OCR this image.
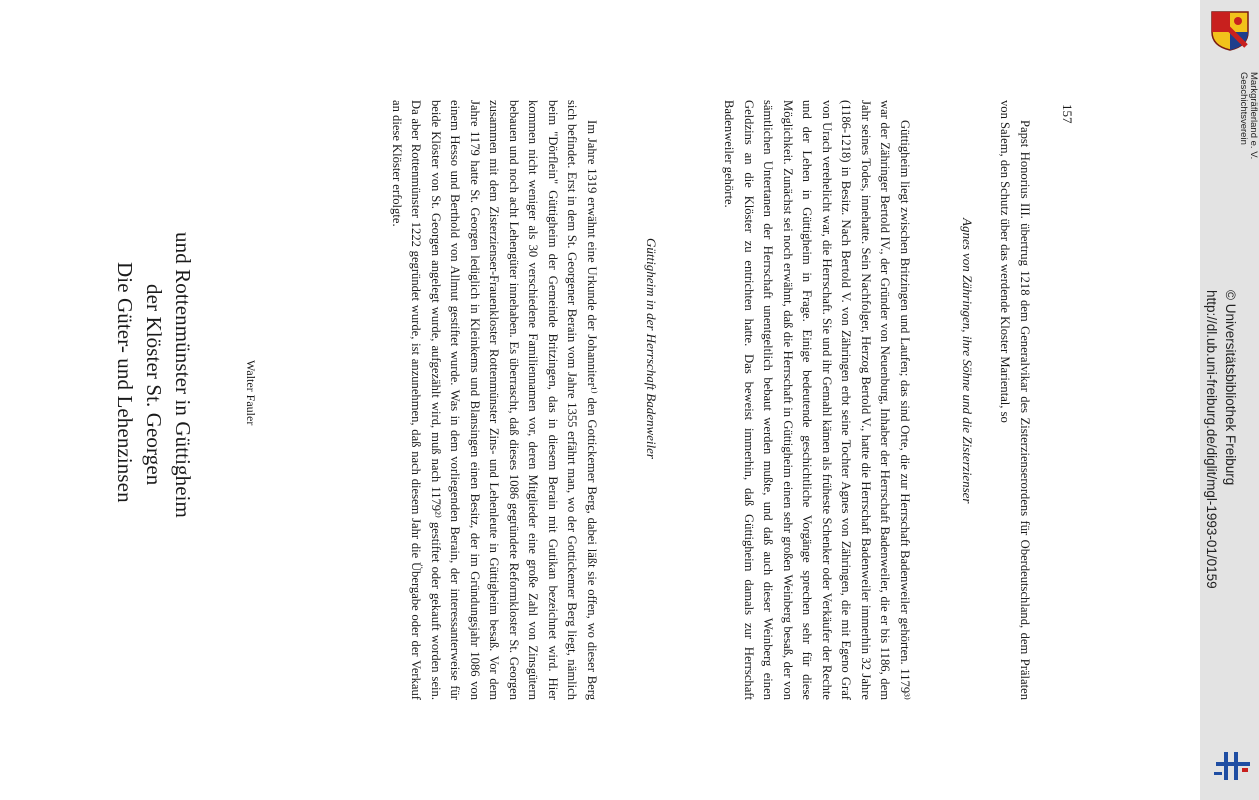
Die Güter- und Lehenzinsen der Klöster St. Georgen und Rottenmünster in Güttigheim	Walter Fauler	Im Jahre 1319 erwähnt eine Urkunde der Johanniter¹⁾ den Gottickemer Berg, dabei läßt sie offen, wo dieser Berg sich befindet. Erst in dem St. Georgener Berain vom Jahre 1355 erfährt man, wo der Gottickemer Berg liegt, nämlich beim "Dörflein" Güttigheim der Gemeinde Britzingen, das in diesem Berain mit Gutikan bezeichnet wird. Hier kommen nicht weniger als 30 verschiedene Familiennamen vor, deren Mitglieder eine große Zahl von Zinsgütern bebauen und noch acht Lehengüter innehaben. Es überrascht, daß dieses 1086 gegründete Reformkloster St. Georgen zusammen mit dem Zisterzienser-Frauenkloster Rottenmünster Zins- und Lehenleute in Güttigheim besaß. Vor dem Jahre 1179 hatte St. Georgen lediglich in Kleinkems und Blansingen einen Besitz, der im Gründungsjahr 1086 von einem Hesso und Berthold von Allmut gestiftet wurde. Was in dem vorliegenden Berain, der interessanterweise für beide Klöster von St. Georgen angelegt wurde, aufgezählt wird, muß nach 1179²⁾ gestiftet oder gekauft worden sein. Da aber Rottenmünster 1222 gegründet wurde, ist anzunehmen, daß nach diesem Jahr die Übergabe oder der Verkauf an diese Klöster erfolgte.

Güttigheim in der Herrschaft Badenweiler	Güttigheim liegt zwischen Britzingen und Laufen; das sind Orte, die zur Herrschaft Badenweiler gehörten. 1179³⁾ war der Zähringer Bertold IV., der Gründer von Neuenburg, Inhaber der Herrschaft Badenweiler, die er bis 1186, dem Jahr seines Todes, innehatte. Sein Nachfolger, Herzog Bertold V., hatte die Herrschaft Badenweiler immerhin 32 Jahre (1186-1218) in Besitz. Nach Bertold V. von Zähringen erbt seine Tochter Agnes von Zähringen, die mit Egeno Graf von Urach verehelicht war, die Herrschaft. Sie und ihr Gemahl kämen als früheste Schenker oder Verkäufer der Rechte und der Lehen in Güttigheim in Frage. Einige bedeutende geschichtliche Vorgänge sprechen sehr für diese Möglichkeit. Zunächst sei noch erwähnt, daß die Herrschaft in Güttigheim einen sehr großen Weinberg besaß, der von sämtlichen Untertanen der Herrschaft unentgeltlich bebaut werden mußte, und daß auch dieser Weinberg einen Geldzins an die Klöster zu entrichten hatte. Das beweist immerhin, daß Güttigheim damals zur Herrschaft Badenweiler gehörte.

Agnes von Zähringen, ihre Söhne und die Zisterzienser	Papst Honorius III. übertrug 1218 dem Generalvikar des Zisterzienserordens für Oberdeutschland, dem Prälaten von Salem, den Schutz über das werdende Kloster Mariental, so	157
http://dl.ub.uni-freiburg.de/diglit/mgl-1993-01/0159 © Universitätsbibliothek Freiburg
Geschichtsverein Markgräflerland e. V.
